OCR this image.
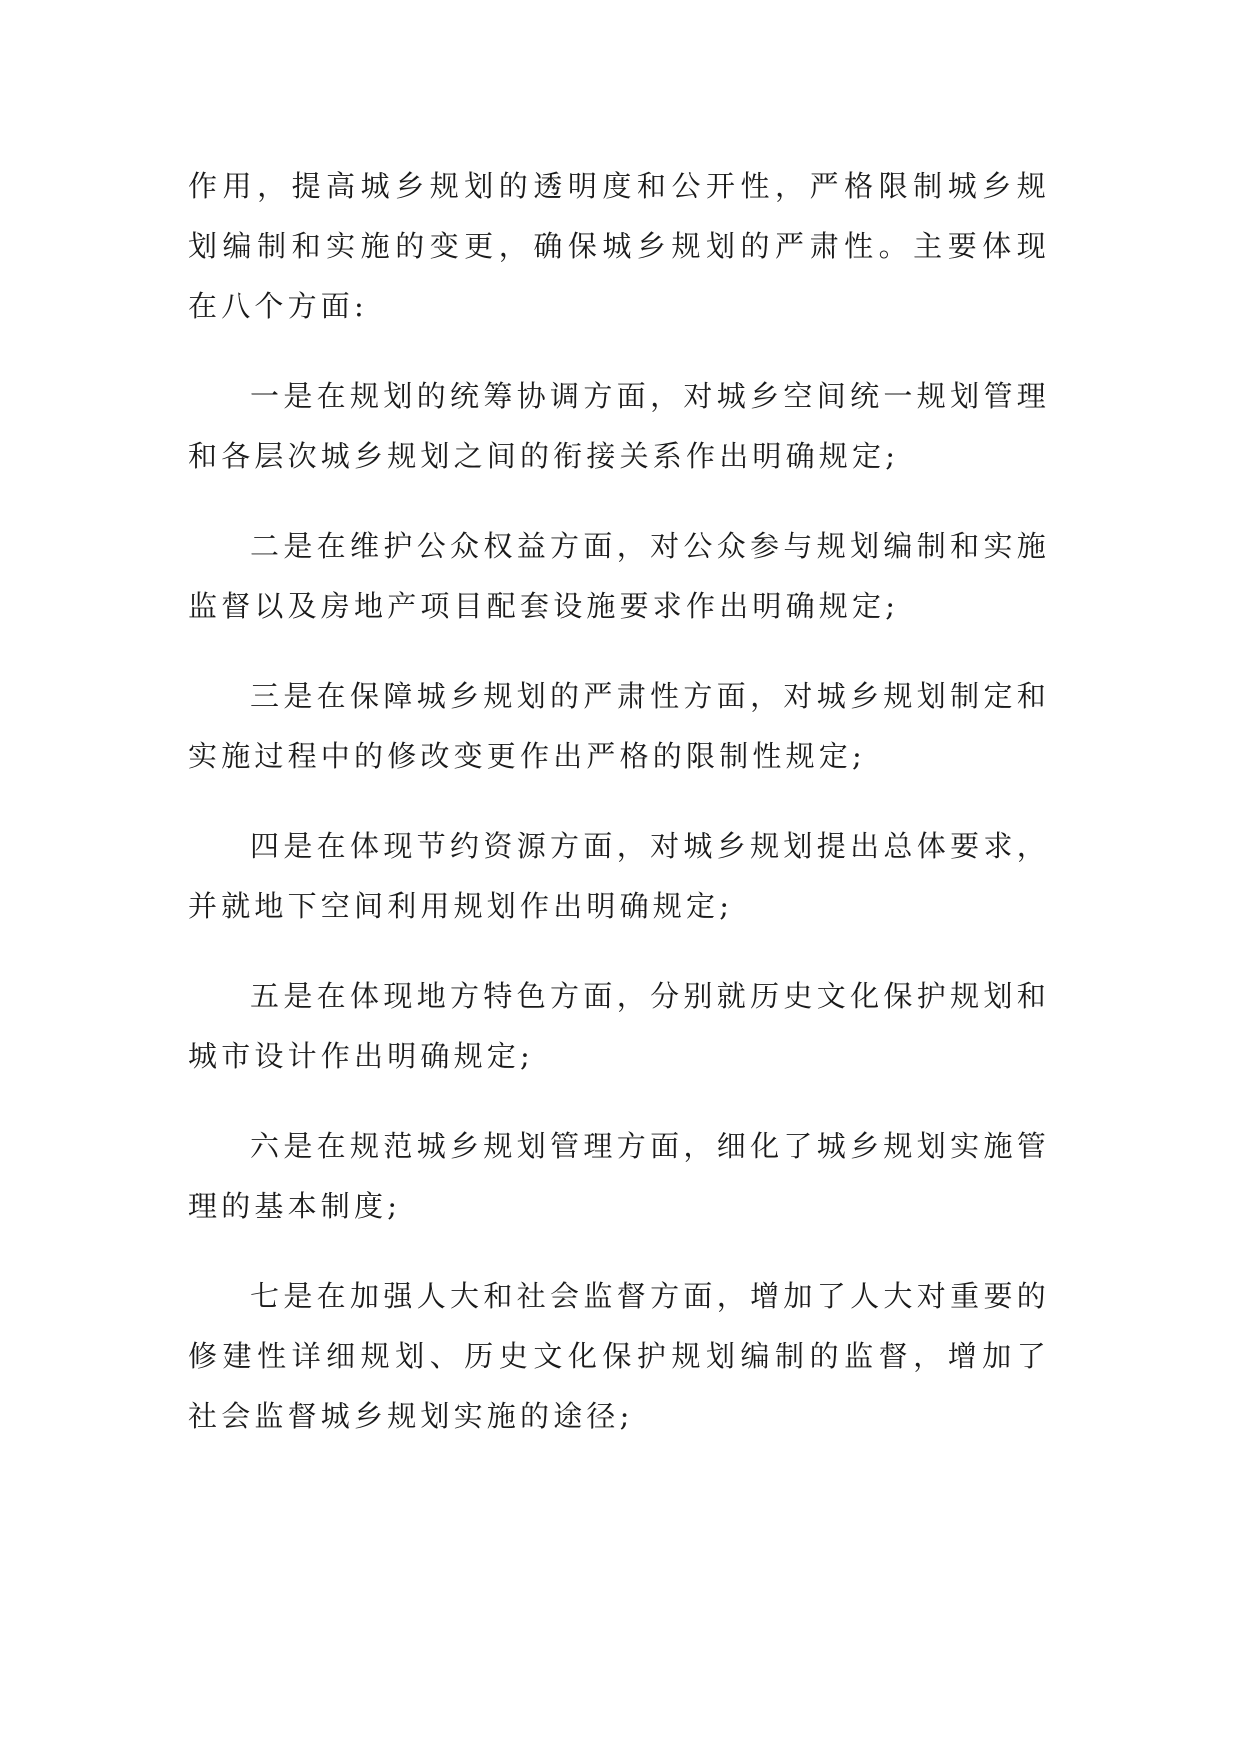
作用，提高城乡规划的透明度和公开性，严格限制城乡规划编制和实施的变更，确保城乡规划的严肃性。主要体现在八个方面:

一是在规划的统筹协调方面，对城乡空间统一规划管理和各层次城乡规划之间的衔接关系作出明确规定;

二是在维护公众权益方面，对公众参与规划编制和实施监督以及房地产项目配套设施要求作出明确规定;

三是在保障城乡规划的严肃性方面，对城乡规划制定和实施过程中的修改变更作出严格的限制性规定;

四是在体现节约资源方面，对城乡规划提出总体要求，并就地下空间利用规划作出明确规定;

五是在体现地方特色方面，分别就历史文化保护规划和城市设计作出明确规定;

六是在规范城乡规划管理方面，细化了城乡规划实施管理的基本制度;

七是在加强人大和社会监督方面，增加了人大对重要的修建性详细规划、历史文化保护规划编制的监督，增加了社会监督城乡规划实施的途径;
